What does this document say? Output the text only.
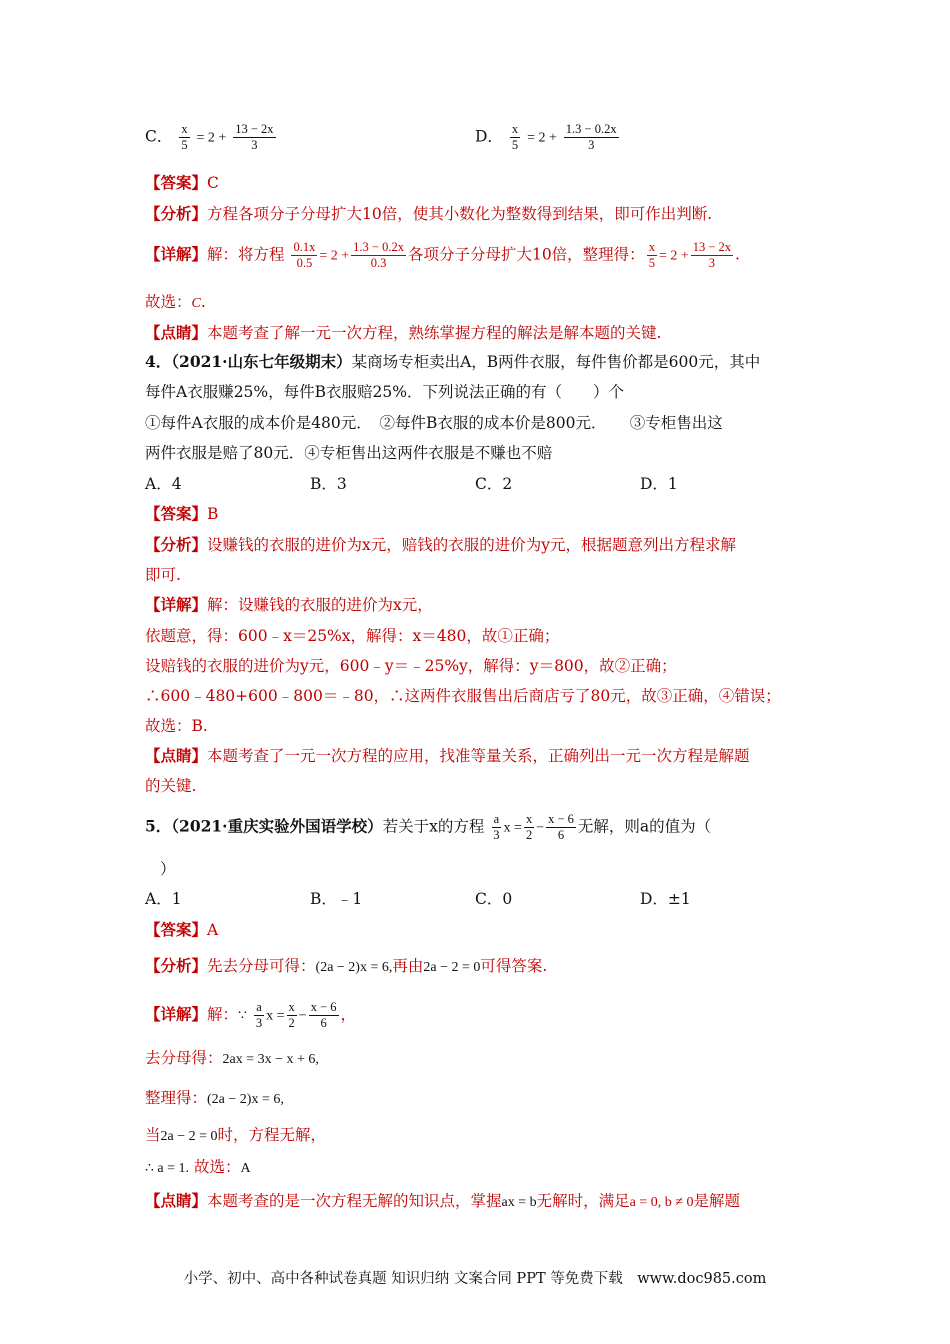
C． $\frac{x}{5} = 2 + \frac{13 - 2x}{3}$	D． $\frac{x}{5} = 2 + \frac{1.3 - 0.2x}{3}$
【答案】C
【分析】方程各项分子分母扩大10倍，使其小数化为整数得到结果，即可作出判断.
【详解】解：将方程 $\frac{0.1x}{0.5} = 2 + \frac{1.3 - 0.2x}{0.3}$ 各项分子分母扩大10倍，整理得： $\frac{x}{5} = 2 + \frac{13 - 2x}{3}$ .
故选：C.
【点睛】本题考查了解一元一次方程，熟练掌握方程的解法是解本题的关键.
4．（2021·山东七年级期末）某商场专柜卖出A，B两件衣服，每件售价都是600元，其中
每件A衣服赚25%，每件B衣服赔25%．下列说法正确的有（　　）个
①每件A衣服的成本价是480元．　②每件B衣服的成本价是800元．　　③专柜售出这
两件衣服是赔了80元．④专柜售出这两件衣服是不赚也不赔
A．4	B．3	C．2	D．1
【答案】B
【分析】设赚钱的衣服的进价为x元，赔钱的衣服的进价为y元，根据题意列出方程求解
即可.
【详解】解：设赚钱的衣服的进价为x元，
依题意，得：600﹣x＝25%x，解得：x＝480，故①正确；
设赔钱的衣服的进价为y元，600﹣y＝﹣25%y，解得：y＝800，故②正确；
∴600﹣480+600﹣800＝﹣80，∴这两件衣服售出后商店亏了80元，故③正确，④错误；
故选：B.
【点睛】本题考查了一元一次方程的应用，找准等量关系，正确列出一元一次方程是解题
的关键.
5．（2021·重庆实验外国语学校）若关于x的方程 $\frac{a}{3}$ $x = \frac{x}{2} - \frac{x - 6}{6}$ 无解，则a的值为（
）
A．1	B．﹣1	C．0	D．±1
【答案】A
【分析】先去分母可得：(2a − 2)x = 6,再由2a − 2 = 0可得答案.
【详解】解：∵ $\frac{a}{3}$ $x = \frac{x}{2} - \frac{x - 6}{6}$ ，
去分母得：2ax = 3x − x + 6,
整理得：(2a − 2)x = 6,
当2a − 2 = 0时，方程无解，
∴ a = 1. 故选：A
【点睛】本题考查的是一次方程无解的知识点，掌握ax = b无解时，满足a = 0, b ≠ 0是解题
小学、初中、高中各种试卷真题 知识归纳 文案合同 PPT 等免费下载　www.doc985.com
